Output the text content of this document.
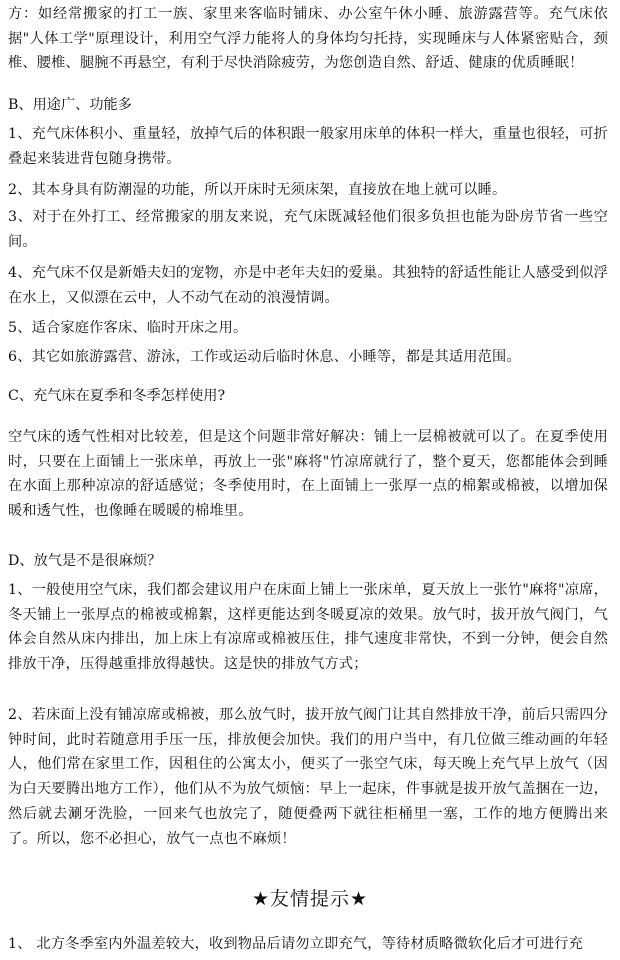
方：如经常搬家的打工一族、家里来客临时铺床、办公室午休小睡、旅游露营等。充气床依据"人体工学"原理设计，利用空气浮力能将人的身体均匀托持，实现睡床与人体紧密贴合，颈椎、腰椎、腿腕不再悬空，有利于尽快消除疲劳，为您创造自然、舒适、健康的优质睡眠！

B、用途广、功能多

1、充气床体积小、重量轻，放掉气后的体积跟一般家用床单的体积一样大，重量也很轻，可折叠起来装进背包随身携带。

2、其本身具有防潮湿的功能，所以开床时无须床架，直接放在地上就可以睡。

3、对于在外打工、经常搬家的朋友来说，充气床既减轻他们很多负担也能为卧房节省一些空间。

4、充气床不仅是新婚夫妇的宠物，亦是中老年夫妇的爱巢。其独特的舒适性能让人感受到似浮在水上，又似漂在云中，人不动气在动的浪漫情调。

5、适合家庭作客床、临时开床之用。

6、其它如旅游露营、游泳，工作或运动后临时休息、小睡等，都是其适用范围。

C、充气床在夏季和冬季怎样使用?

空气床的透气性相对比较差，但是这个问题非常好解决：铺上一层棉被就可以了。在夏季使用时，只要在上面铺上一张床单，再放上一张"麻将"竹凉席就行了，整个夏天，您都能体会到睡在水面上那种凉凉的舒适感觉；冬季使用时，在上面铺上一张厚一点的棉絮或棉被，以增加保暖和透气性，也像睡在暖暖的棉堆里。

D、放气是不是很麻烦？

1、一般使用空气床，我们都会建议用户在床面上铺上一张床单，夏天放上一张竹"麻将"凉席，冬天铺上一张厚点的棉被或棉絮，这样更能达到冬暖夏凉的效果。放气时，拔开放气阀门，气体会自然从床内排出，加上床上有凉席或棉被压住，排气速度非常快，不到一分钟，便会自然排放干净，压得越重排放得越快。这是快的排放气方式；

2、若床面上没有铺凉席或棉被，那么放气时，拔开放气阀门让其自然排放干净，前后只需四分钟时间，此时若随意用手压一压，排放便会加快。我们的用户当中，有几位做三维动画的年轻人，他们常在家里工作，因租住的公寓太小，便买了一张空气床，每天晚上充气早上放气（因为白天要腾出地方工作），他们从不为放气烦恼：早上一起床，件事就是拔开放气盖捆在一边，然后就去涮牙洗脸，一回来气也放完了，随便叠两下就往柜桶里一塞，工作的地方便腾出来了。所以，您不必担心，放气一点也不麻烦！

★友情提示★

1、 北方冬季室内外温差较大，收到物品后请勿立即充气，等待材质略微软化后才可进行充
